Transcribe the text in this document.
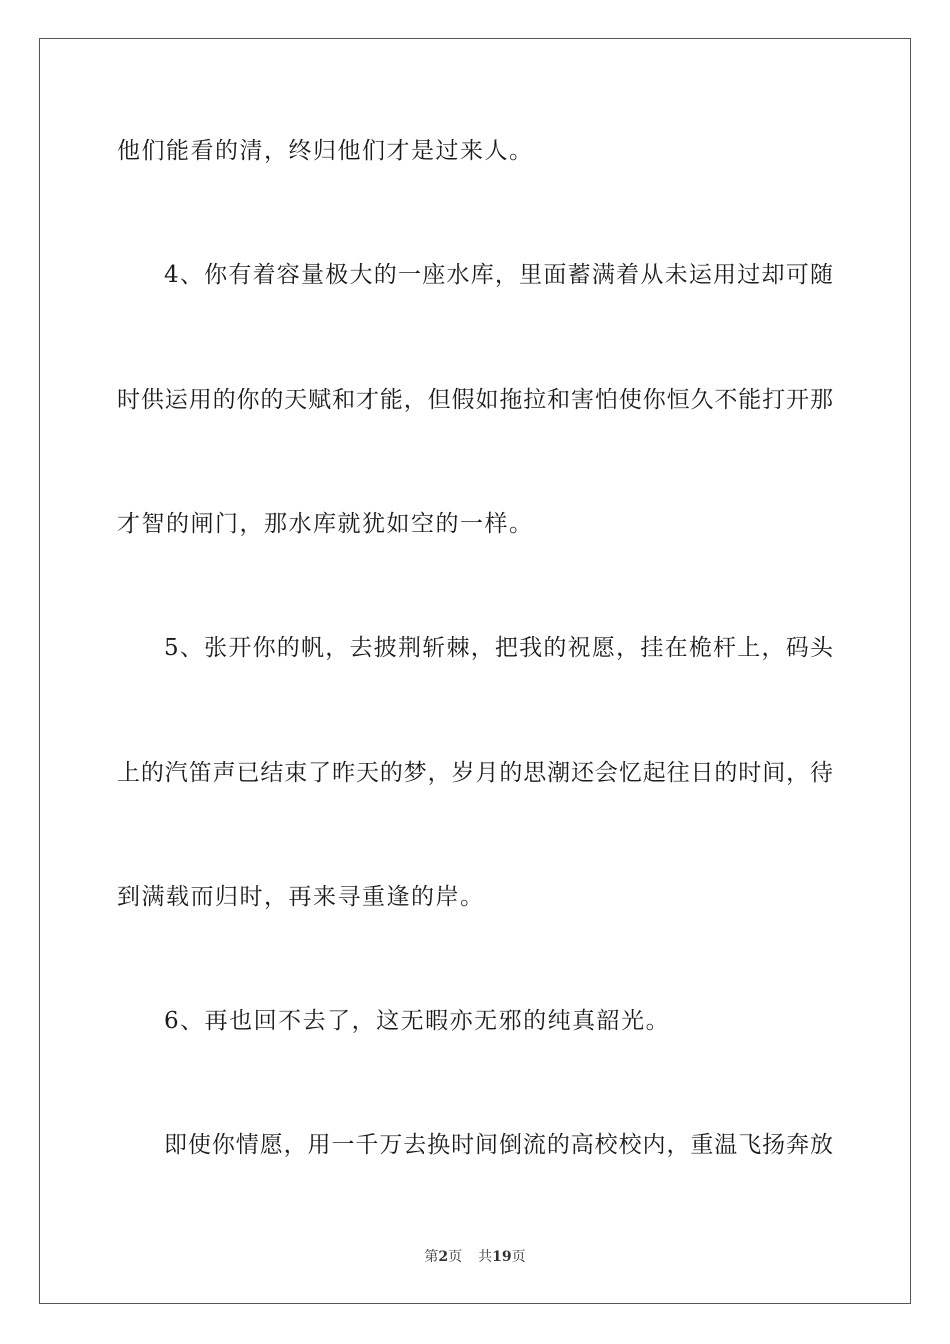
他们能看的清，终归他们才是过来人。
4、你有着容量极大的一座水库，里面蓄满着从未运用过却可随
时供运用的你的天赋和才能，但假如拖拉和害怕使你恒久不能打开那
才智的闸门，那水库就犹如空的一样。
5、张开你的帆，去披荆斩棘，把我的祝愿，挂在桅杆上，码头
上的汽笛声已结束了昨天的梦，岁月的思潮还会忆起往日的时间，待
到满载而归时，再来寻重逢的岸。
6、再也回不去了，这无暇亦无邪的纯真韶光。
即使你情愿，用一千万去换时间倒流的高校校内，重温飞扬奔放
第2页 共19页
